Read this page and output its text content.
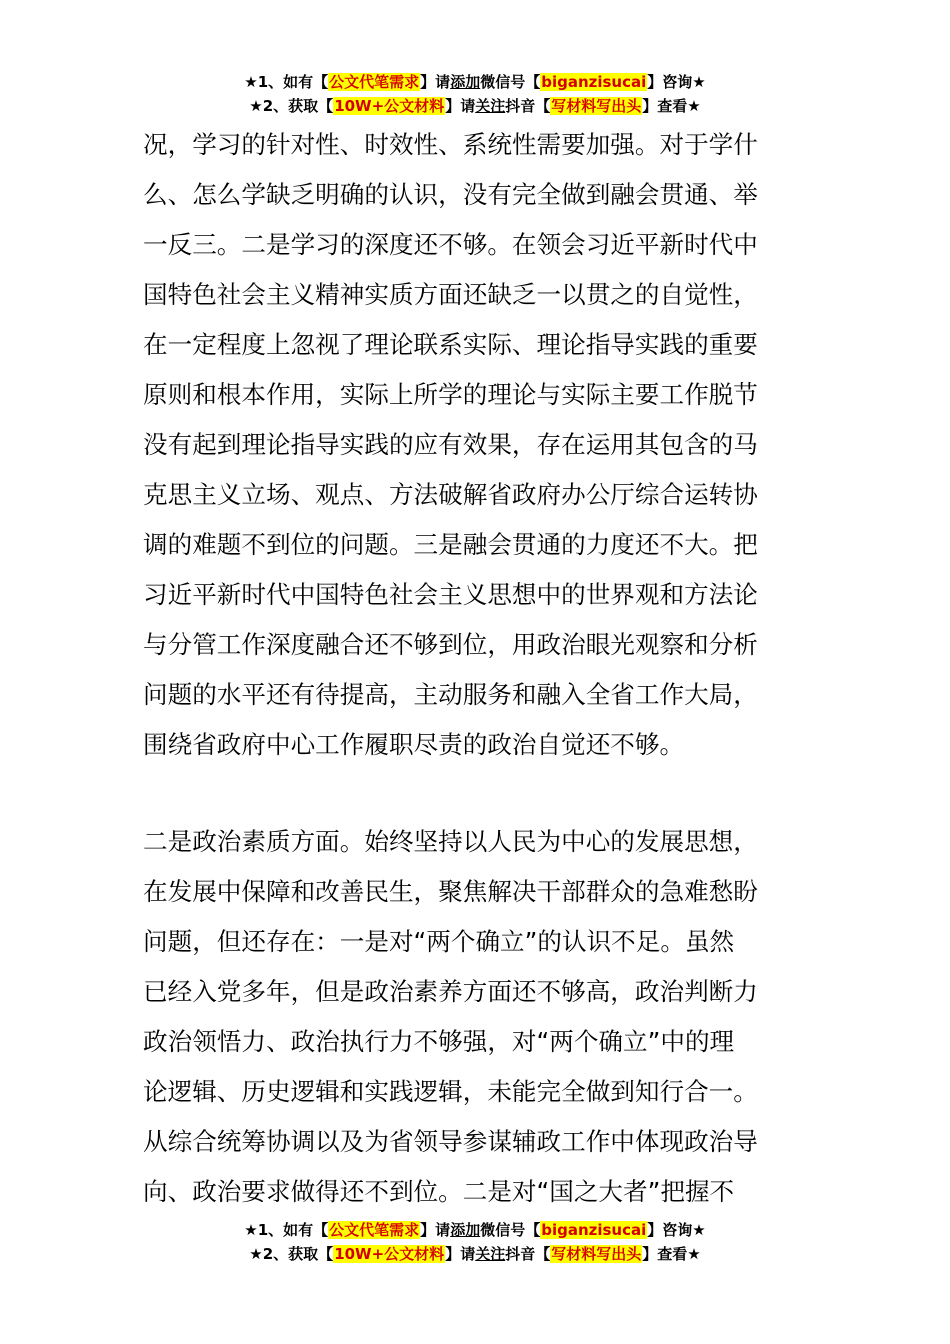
★1、如有【公文代笔需求】请添加微信号【biganzisucai】咨询★
★2、获取【10W+公文材料】请关注抖音【写材料写出头】查看★
况，学习的针对性、时效性、系统性需要加强。对于学什
么、怎么学缺乏明确的认识，没有完全做到融会贯通、举
一反三。二是学习的深度还不够。在领会习近平新时代中
国特色社会主义精神实质方面还缺乏一以贯之的自觉性，
在一定程度上忽视了理论联系实际、理论指导实践的重要
原则和根本作用，实际上所学的理论与实际主要工作脱节
没有起到理论指导实践的应有效果，存在运用其包含的马
克思主义立场、观点、方法破解省政府办公厅综合运转协
调的难题不到位的问题。三是融会贯通的力度还不大。把
习近平新时代中国特色社会主义思想中的世界观和方法论
与分管工作深度融合还不够到位，用政治眼光观察和分析
问题的水平还有待提高，主动服务和融入全省工作大局，
围绕省政府中心工作履职尽责的政治自觉还不够。
二是政治素质方面。始终坚持以人民为中心的发展思想，
在发展中保障和改善民生，聚焦解决干部群众的急难愁盼
问题，但还存在：一是对“两个确立”的认识不足。虽然
已经入党多年，但是政治素养方面还不够高，政治判断力
政治领悟力、政治执行力不够强，对“两个确立”中的理
论逻辑、历史逻辑和实践逻辑，未能完全做到知行合一。
从综合统筹协调以及为省领导参谋辅政工作中体现政治导
向、政治要求做得还不到位。二是对“国之大者”把握不
★1、如有【公文代笔需求】请添加微信号【biganzisucai】咨询★
★2、获取【10W+公文材料】请关注抖音【写材料写出头】查看★
